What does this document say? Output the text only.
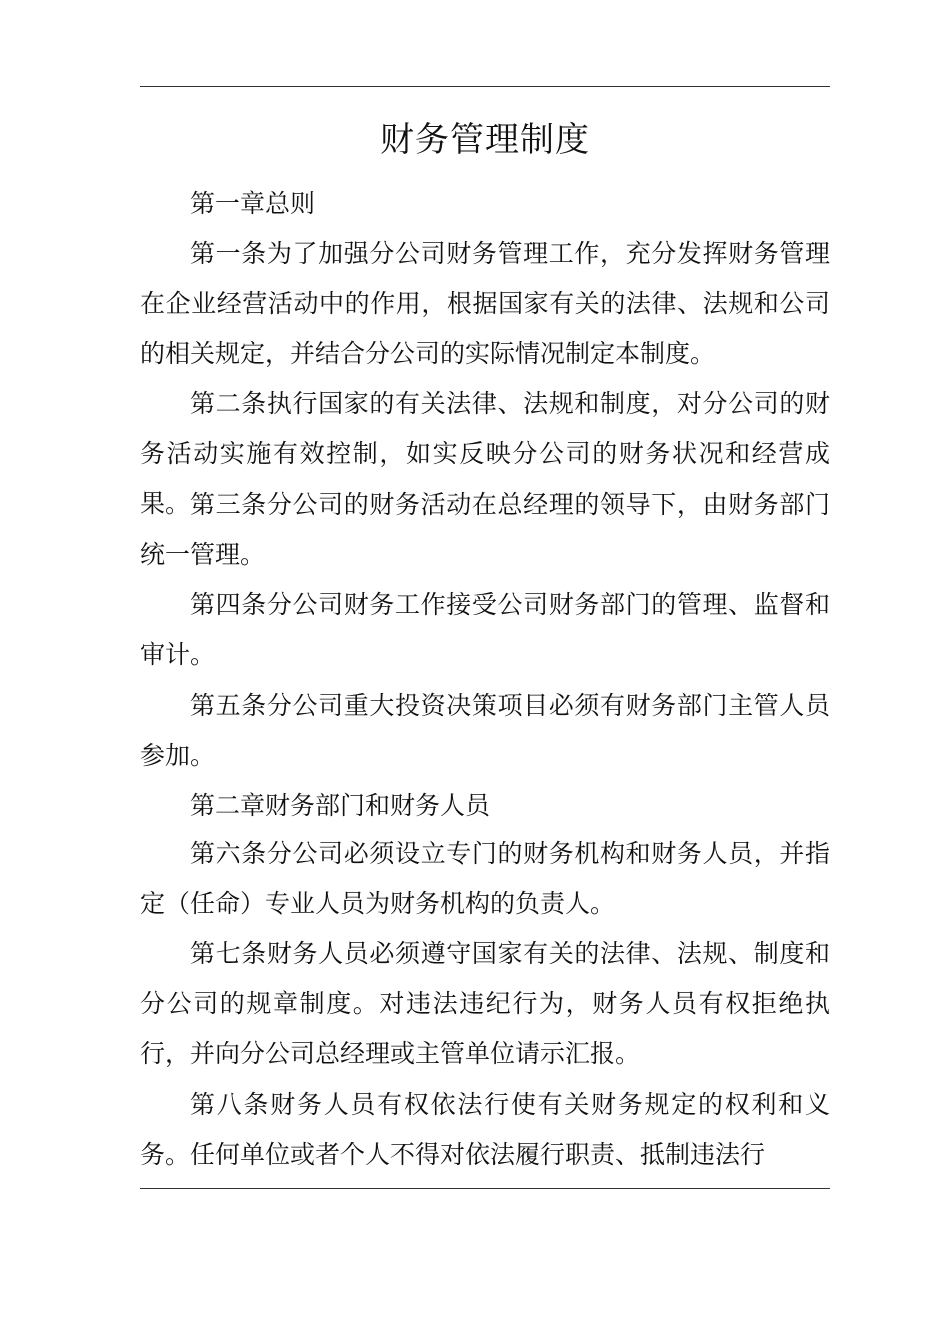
财务管理制度

第一章总则

第一条为了加强分公司财务管理工作，充分发挥财务管理在企业经营活动中的作用，根据国家有关的法律、法规和公司的相关规定，并结合分公司的实际情况制定本制度。

第二条执行国家的有关法律、法规和制度，对分公司的财务活动实施有效控制，如实反映分公司的财务状况和经营成果。 第三条分公司的财务活动在总经理的领导下，由财务部门统一管理。

第四条分公司财务工作接受公司财务部门的管理、监督和审计。

第五条分公司重大投资决策项目必须有财务部门主管人员参加。

第二章财务部门和财务人员

第六条分公司必须设立专门的财务机构和财务人员，并指定（任命）专业人员为财务机构的负责人。

第七条财务人员必须遵守国家有关的法律、法规、制度和分公司的规章制度。对违法违纪行为，财务人员有权拒绝执行，并向分公司总经理或主管单位请示汇报。

第八条财务人员有权依法行使有关财务规定的权利和义务。任何单位或者个人不得对依法履行职责、抵制违法行
